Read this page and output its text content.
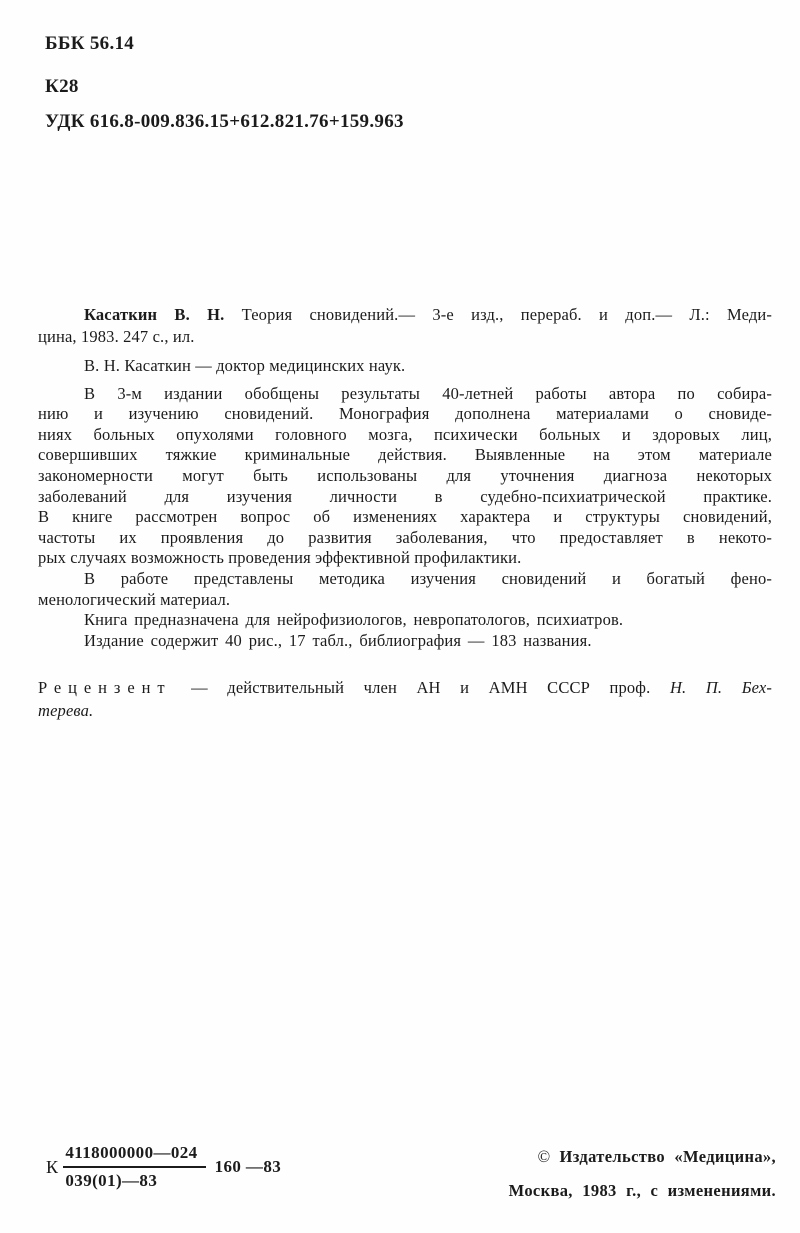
ББК 56.14
К28
УДК 616.8-009.836.15+612.821.76+159.963

Касаткин В. Н. Теория сновидений.— 3-е изд., перераб. и доп.— Л.: Меди-

цина, 1983. 247 с., ил.

В. Н. Касаткин — доктор медицинских наук.

В 3-м издании обобщены результаты 40-летней работы автора по собира-

нию и изучению сновидений. Монография дополнена материалами о сновиде-

ниях больных опухолями головного мозга, психически больных и здоровых лиц,

совершивших тяжкие криминальные действия. Выявленные на этом материале

закономерности могут быть использованы для уточнения диагноза некоторых

заболеваний для изучения личности в судебно-психиатрической практике.

В книге рассмотрен вопрос об изменениях характера и структуры сновидений,

частоты их проявления до развития заболевания, что предоставляет в некото-

рых случаях возможность проведения эффективной профилактики.

В работе представлены методика изучения сновидений и богатый фено-

менологический материал.

Книга предназначена для нейрофизиологов, невропатологов, психиатров.

Издание содержит 40 рис., 17 табл., библиография — 183 названия.

Рецензент — действительный член АН и АМН СССР проф. Н. П. Бех-

терева.

К $\frac{4118000000—024}{039(01)—83} 160$ —83

© Издательство «Медицина»,

Москва, 1983 г., с изменениями.
